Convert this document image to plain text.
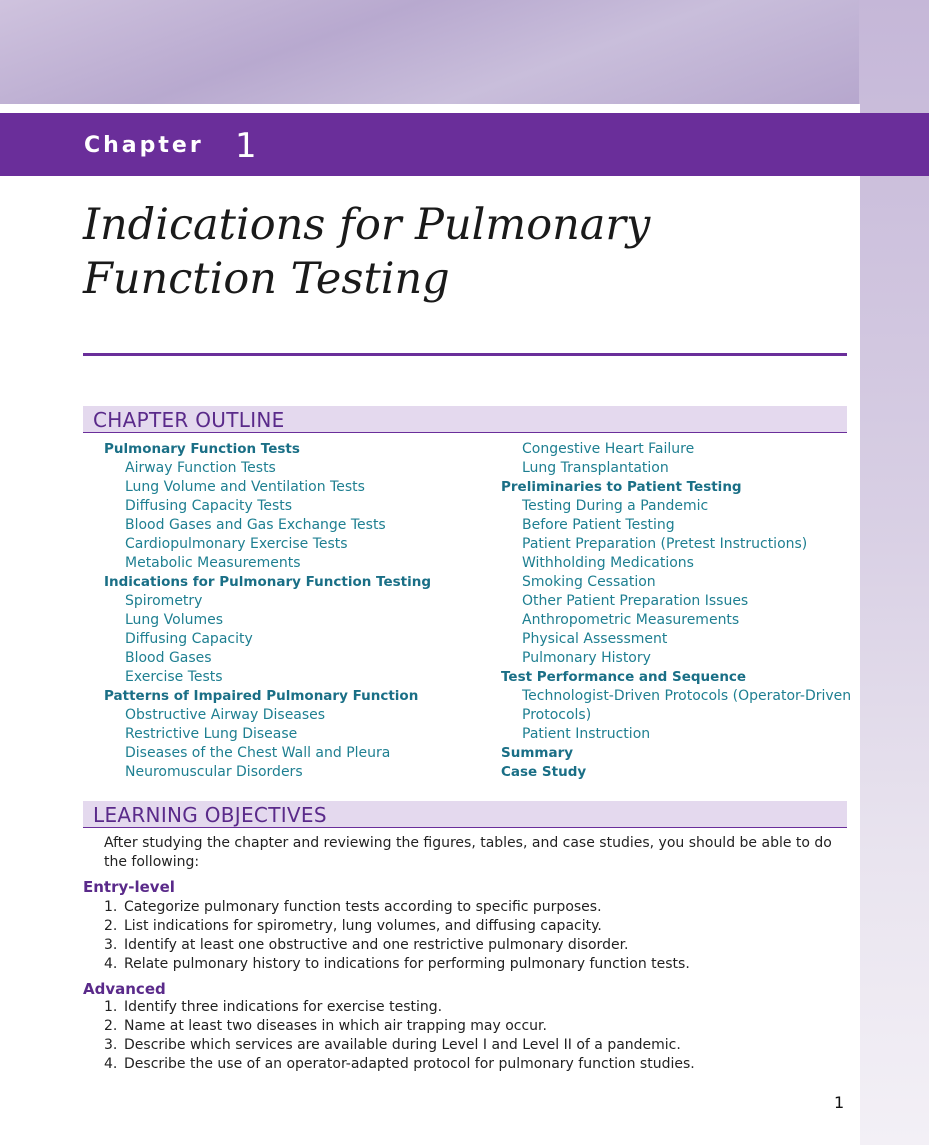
Chapter 1
Indications for Pulmonary Function Testing
CHAPTER OUTLINE
Pulmonary Function Tests
Airway Function Tests
Lung Volume and Ventilation Tests
Diffusing Capacity Tests
Blood Gases and Gas Exchange Tests
Cardiopulmonary Exercise Tests
Metabolic Measurements
Indications for Pulmonary Function Testing
Spirometry
Lung Volumes
Diffusing Capacity
Blood Gases
Exercise Tests
Patterns of Impaired Pulmonary Function
Obstructive Airway Diseases
Restrictive Lung Disease
Diseases of the Chest Wall and Pleura
Neuromuscular Disorders
Congestive Heart Failure
Lung Transplantation
Preliminaries to Patient Testing
Testing During a Pandemic
Before Patient Testing
Patient Preparation (Pretest Instructions)
Withholding Medications
Smoking Cessation
Other Patient Preparation Issues
Anthropometric Measurements
Physical Assessment
Pulmonary History
Test Performance and Sequence
Technologist-Driven Protocols (Operator-Driven
Protocols)
Patient Instruction
Summary
Case Study
LEARNING OBJECTIVES
After studying the chapter and reviewing the figures, tables, and case studies, you should be able to do the following:
Entry-level
1. Categorize pulmonary function tests according to specific purposes.
2. List indications for spirometry, lung volumes, and diffusing capacity.
3. Identify at least one obstructive and one restrictive pulmonary disorder.
4. Relate pulmonary history to indications for performing pulmonary function tests.
Advanced
1. Identify three indications for exercise testing.
2. Name at least two diseases in which air trapping may occur.
3. Describe which services are available during Level I and Level II of a pandemic.
4. Describe the use of an operator-adapted protocol for pulmonary function studies.
1
